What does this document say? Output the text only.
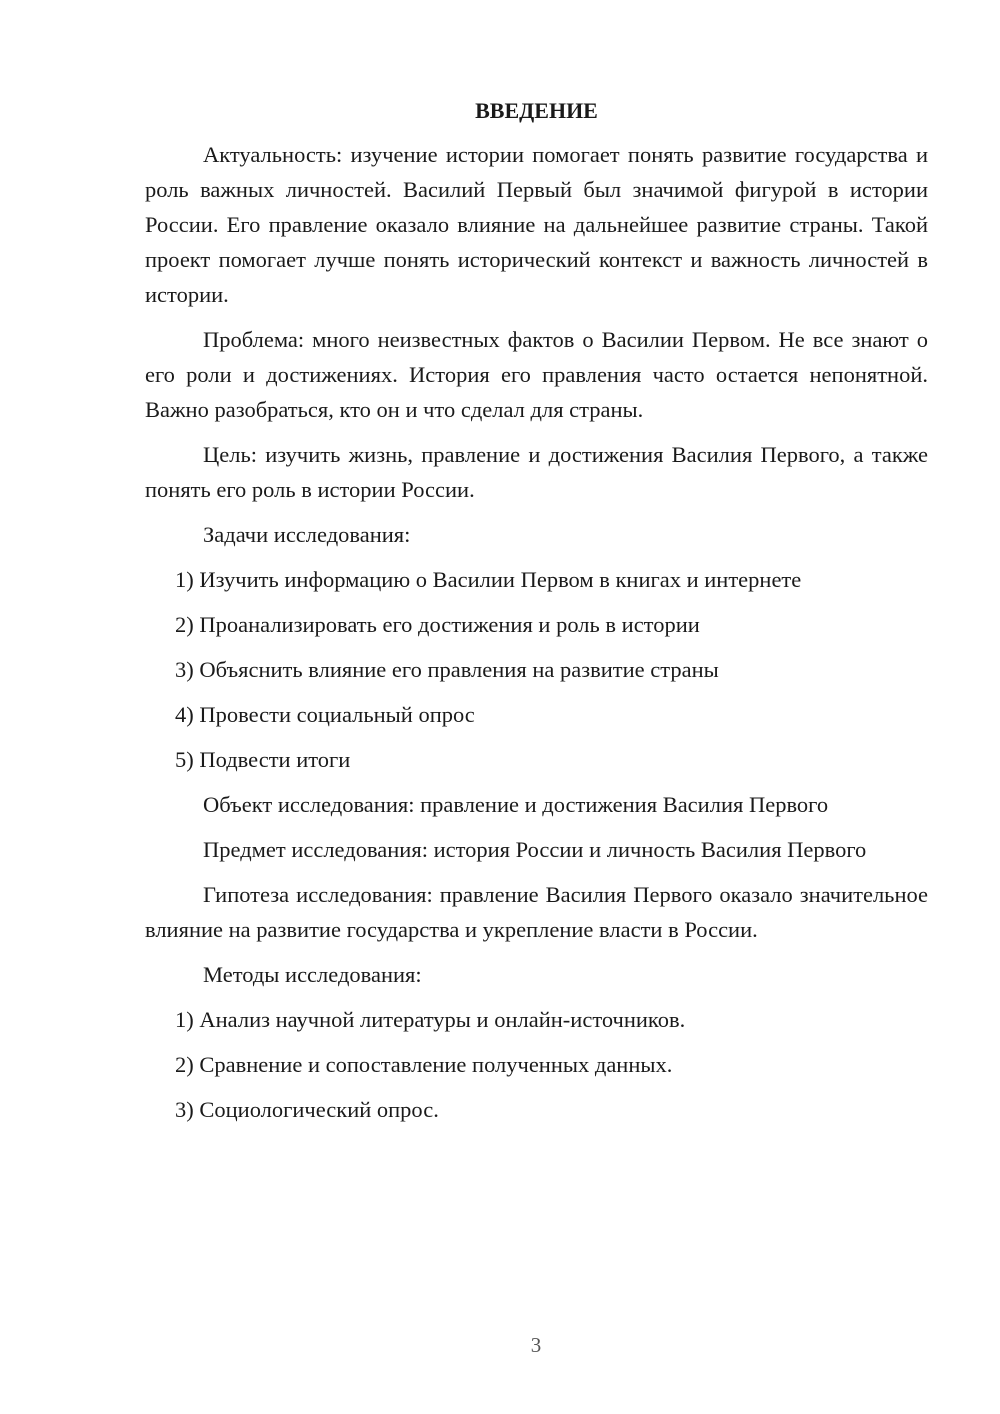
ВВЕДЕНИЕ

Актуальность: изучение истории помогает понять развитие государства и роль важных личностей. Василий Первый был значимой фигурой в истории России. Его правление оказало влияние на дальнейшее развитие страны. Такой проект помогает лучше понять исторический контекст и важность личностей в истории.

Проблема: много неизвестных фактов о Василии Первом. Не все знают о его роли и достижениях. История его правления часто остается непонятной. Важно разобраться, кто он и что сделал для страны.

Цель: изучить жизнь, правление и достижения Василия Первого, а также понять его роль в истории России.

Задачи исследования:

1) Изучить информацию о Василии Первом в книгах и интернете
2) Проанализировать его достижения и роль в истории
3) Объяснить влияние его правления на развитие страны
4) Провести социальный опрос
5) Подвести итоги

Объект исследования: правление и достижения Василия Первого

Предмет исследования: история России и личность Василия Первого

Гипотеза исследования: правление Василия Первого оказало значительное влияние на развитие государства и укрепление власти в России.

Методы исследования:

1) Анализ научной литературы и онлайн-источников.
2) Сравнение и сопоставление полученных данных.
3) Социологический опрос.
3
